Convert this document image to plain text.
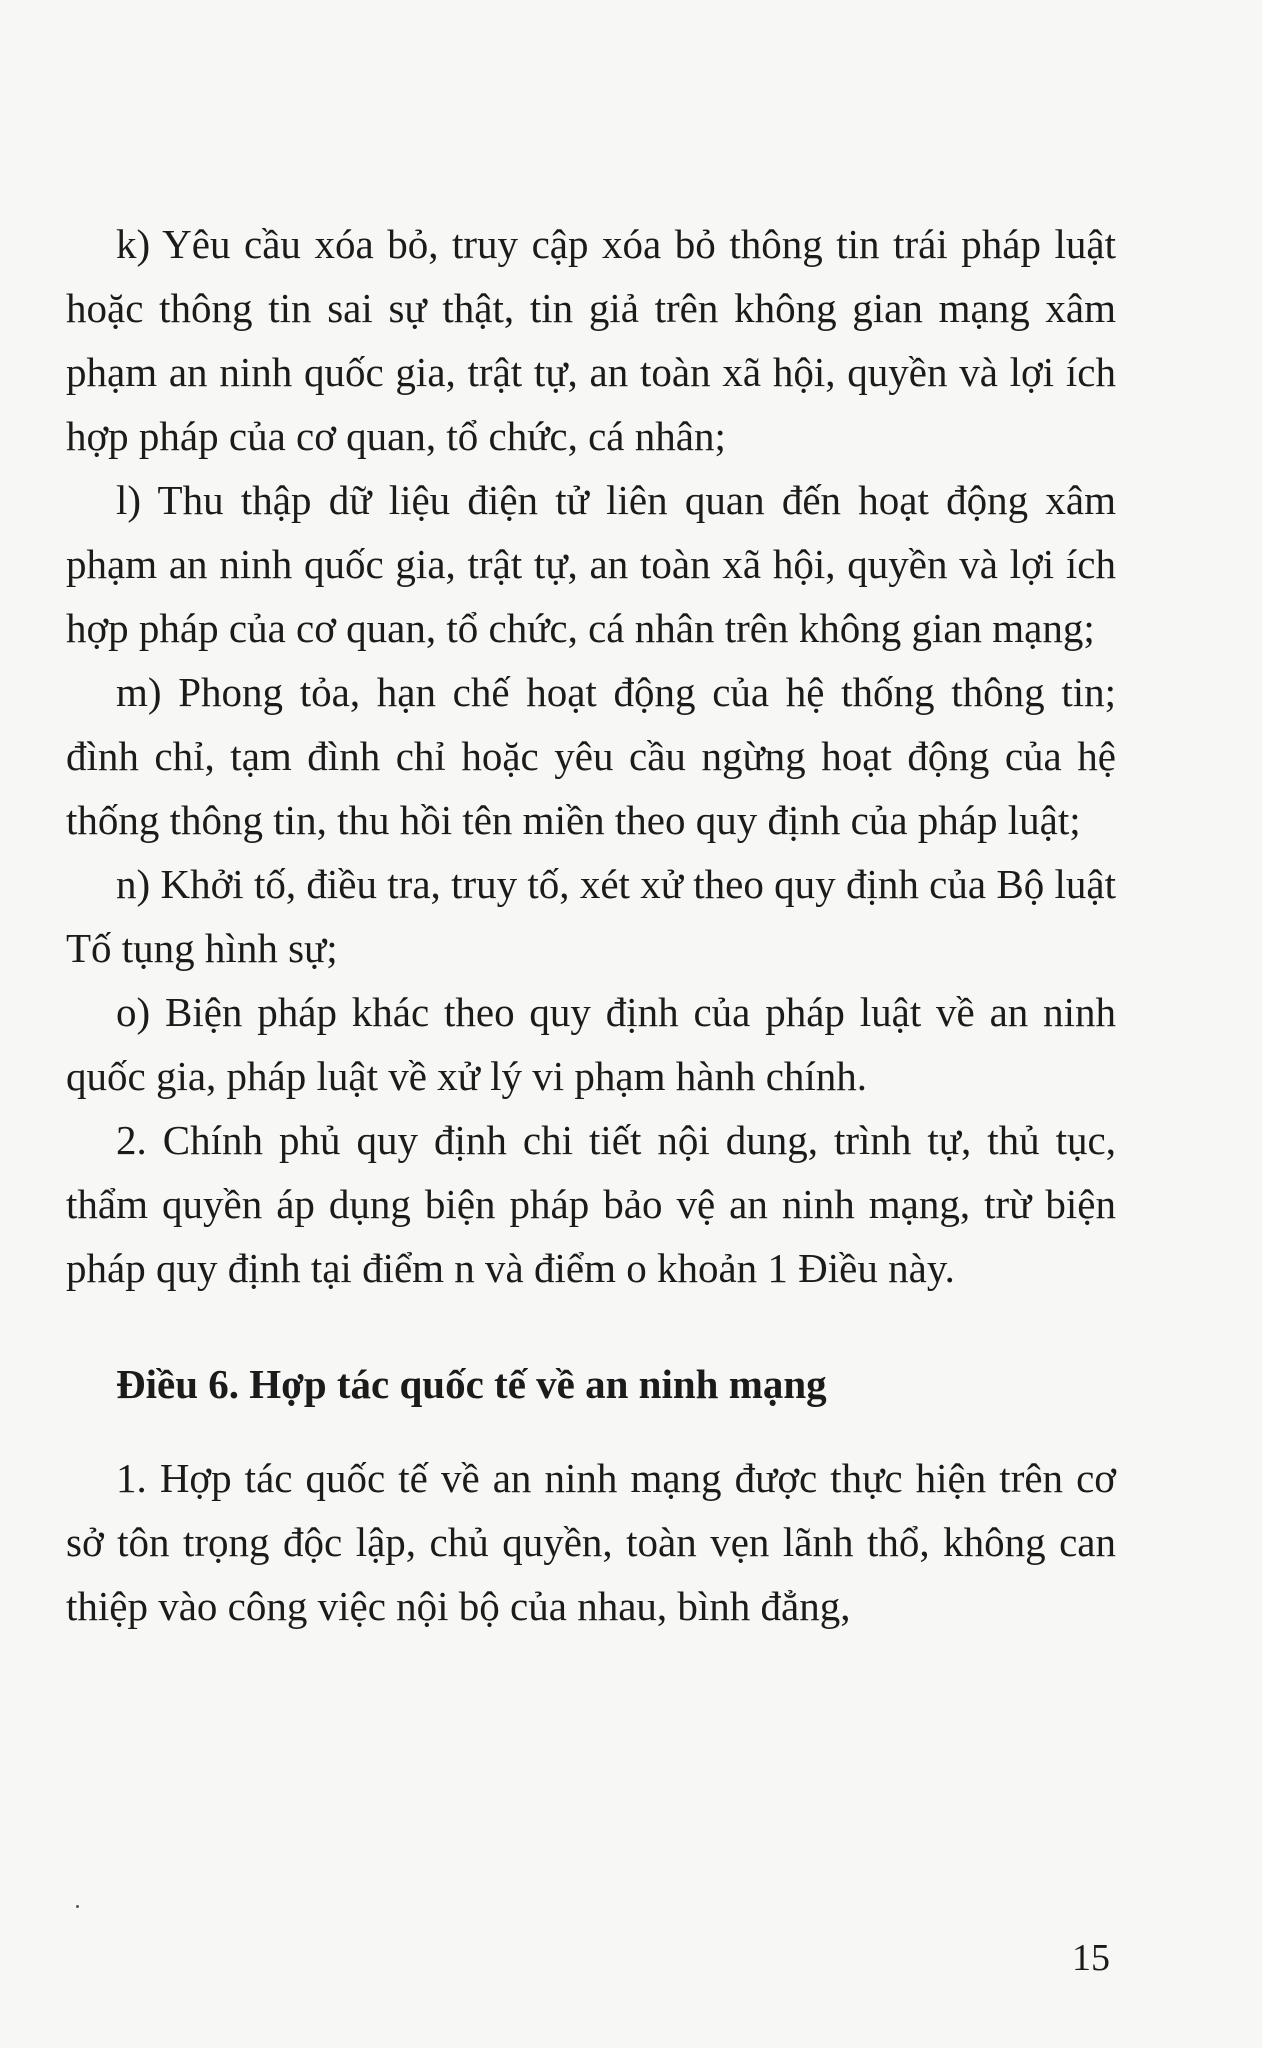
k) Yêu cầu xóa bỏ, truy cập xóa bỏ thông tin trái pháp luật hoặc thông tin sai sự thật, tin giả trên không gian mạng xâm phạm an ninh quốc gia, trật tự, an toàn xã hội, quyền và lợi ích hợp pháp của cơ quan, tổ chức, cá nhân;

l) Thu thập dữ liệu điện tử liên quan đến hoạt động xâm phạm an ninh quốc gia, trật tự, an toàn xã hội, quyền và lợi ích hợp pháp của cơ quan, tổ chức, cá nhân trên không gian mạng;

m) Phong tỏa, hạn chế hoạt động của hệ thống thông tin; đình chỉ, tạm đình chỉ hoặc yêu cầu ngừng hoạt động của hệ thống thông tin, thu hồi tên miền theo quy định của pháp luật;

n) Khởi tố, điều tra, truy tố, xét xử theo quy định của Bộ luật Tố tụng hình sự;

o) Biện pháp khác theo quy định của pháp luật về an ninh quốc gia, pháp luật về xử lý vi phạm hành chính.

2. Chính phủ quy định chi tiết nội dung, trình tự, thủ tục, thẩm quyền áp dụng biện pháp bảo vệ an ninh mạng, trừ biện pháp quy định tại điểm n và điểm o khoản 1 Điều này.

Điều 6. Hợp tác quốc tế về an ninh mạng

1. Hợp tác quốc tế về an ninh mạng được thực hiện trên cơ sở tôn trọng độc lập, chủ quyền, toàn vẹn lãnh thổ, không can thiệp vào công việc nội bộ của nhau, bình đẳng,

15
